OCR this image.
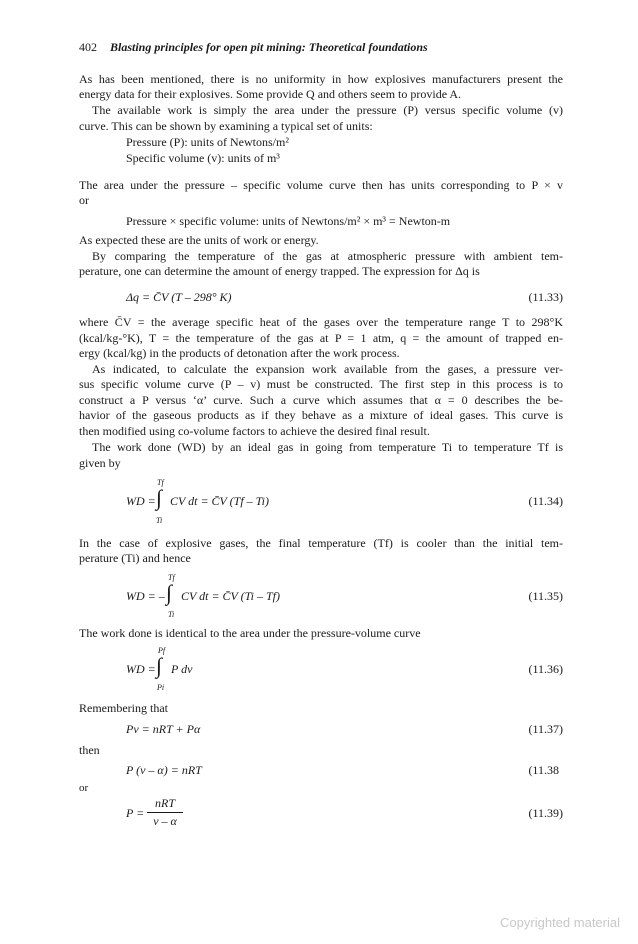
402 Blasting principles for open pit mining: Theoretical foundations
As has been mentioned, there is no uniformity in how explosives manufacturers present the
energy data for their explosives. Some provide Q and others seem to provide A.
The available work is simply the area under the pressure (P) versus specific volume (v)
curve. This can be shown by examining a typical set of units:
Pressure (P): units of Newtons/m²
Specific volume (v): units of m³
The area under the pressure – specific volume curve then has units corresponding to P × v
or
Pressure × specific volume: units of Newtons/m² × m³ = Newton-m
As expected these are the units of work or energy.
By comparing the temperature of the gas at atmospheric pressure with ambient tem-
perature, one can determine the amount of energy trapped. The expression for Δq is
Δq = C̄V (T – 298° K)	(11.33)
where C̄V = the average specific heat of the gases over the temperature range T to 298°K
(kcal/kg-°K), T = the temperature of the gas at P = 1 atm, q = the amount of trapped en-
ergy (kcal/kg) in the products of detonation after the work process.
As indicated, to calculate the expansion work available from the gases, a pressure ver-
sus specific volume curve (P – v) must be constructed. The first step in this process is to
construct a P versus ‘α’ curve. Such a curve which assumes that α = 0 describes the be-
havior of the gaseous products as if they behave as a mixture of ideal gases. This curve is
then modified using co-volume factors to achieve the desired final result.
The work done (WD) by an ideal gas in going from temperature Ti to temperature Tf is
given by
WD =
Tf
∫
Ti
CV dt = C̄V (Tf – Ti)	(11.34)
In the case of explosive gases, the final temperature (Tf) is cooler than the initial tem-
perature (Ti) and hence
WD = –
Tf
∫
Ti
CV dt = C̄V (Ti – Tf)	(11.35)
The work done is identical to the area under the pressure-volume curve
WD =
Pf
∫
Pi
P dv	(11.36)
Remembering that
Pv = nRT + Pα	(11.37)
then
P (v – α) = nRT	(11.38
or
P =
nRT
v – α
(11.39)
Copyrighted material
